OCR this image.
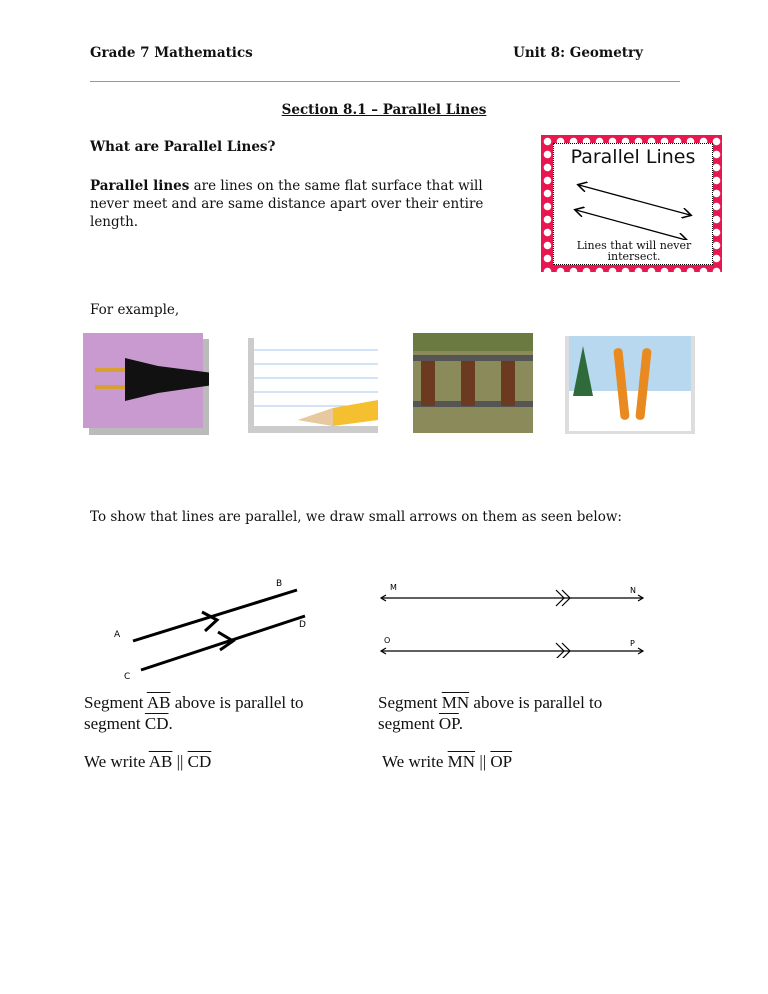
Grade 7 Mathematics	Unit 8: Geometry
Section 8.1 – Parallel Lines
What are Parallel Lines?
Parallel lines are lines on the same flat surface that will never meet and are same distance apart over their entire length.
Parallel Lines
Lines that will never intersect.
For example,
To show that lines are parallel, we draw small arrows on them as seen below:
A
B
C
D
M	N
O	P
Segment $\overline{AB}$ above is parallel to
segment $\overline{CD}$.
We write $\overline{AB}$ || $\overline{CD}$
Segment $\overline{MN}$ above is parallel to
segment $\overline{OP}$.
We write $\overline{MN}$ || $\overline{OP}$
